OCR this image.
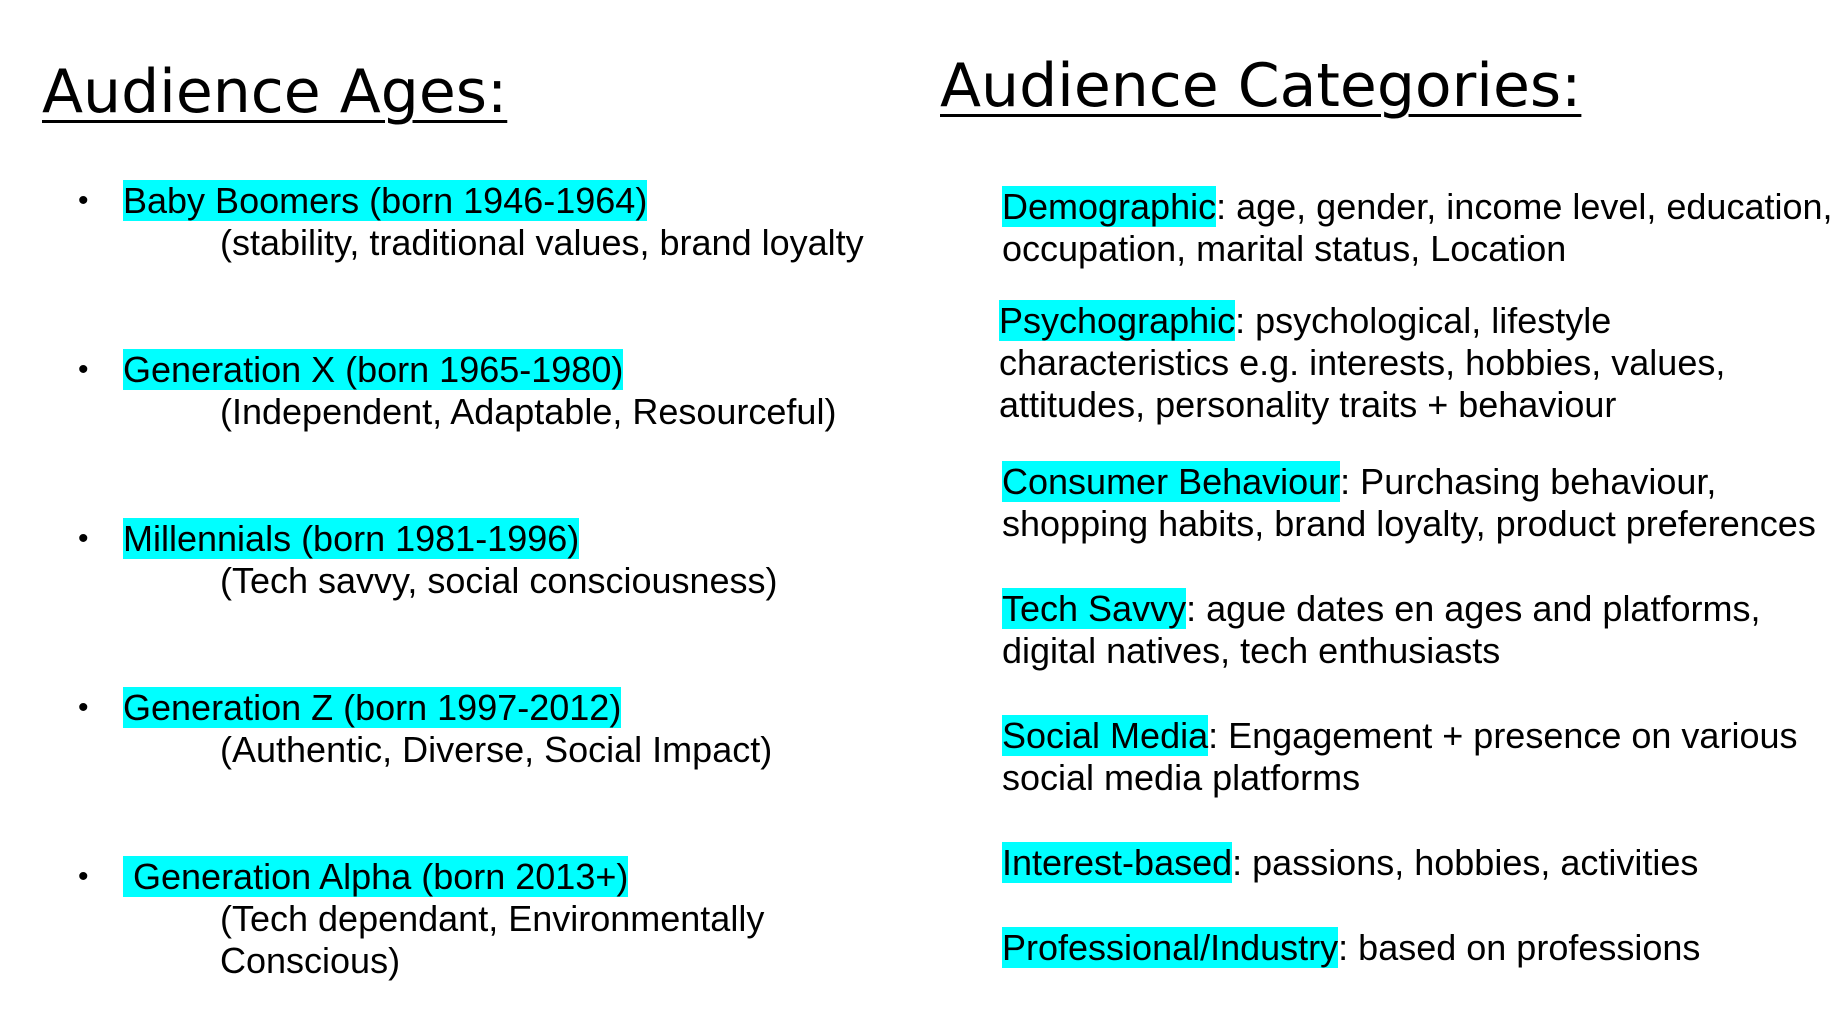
Audience Ages:
• Baby Boomers (born 1946-1964)
(stability, traditional values, brand loyalty
• Generation X (born 1965-1980)
(Independent, Adaptable, Resourceful)
• Millennials (born 1981-1996)
(Tech savvy, social consciousness)
• Generation Z (born 1997-2012)
(Authentic, Diverse, Social Impact)
• Generation Alpha (born 2013+)
(Tech dependant, Environmentally
Conscious)
Audience Categories:
Demographic: age, gender, income level, education,
occupation, marital status, Location
Psychographic: psychological, lifestyle
characteristics e.g. interests, hobbies, values,
attitudes, personality traits + behaviour
Consumer Behaviour: Purchasing behaviour,
shopping habits, brand loyalty, product preferences
Tech Savvy: ague dates en ages and platforms,
digital natives, tech enthusiasts
Social Media: Engagement + presence on various
social media platforms
Interest-based: passions, hobbies, activities
Professional/Industry: based on professions
